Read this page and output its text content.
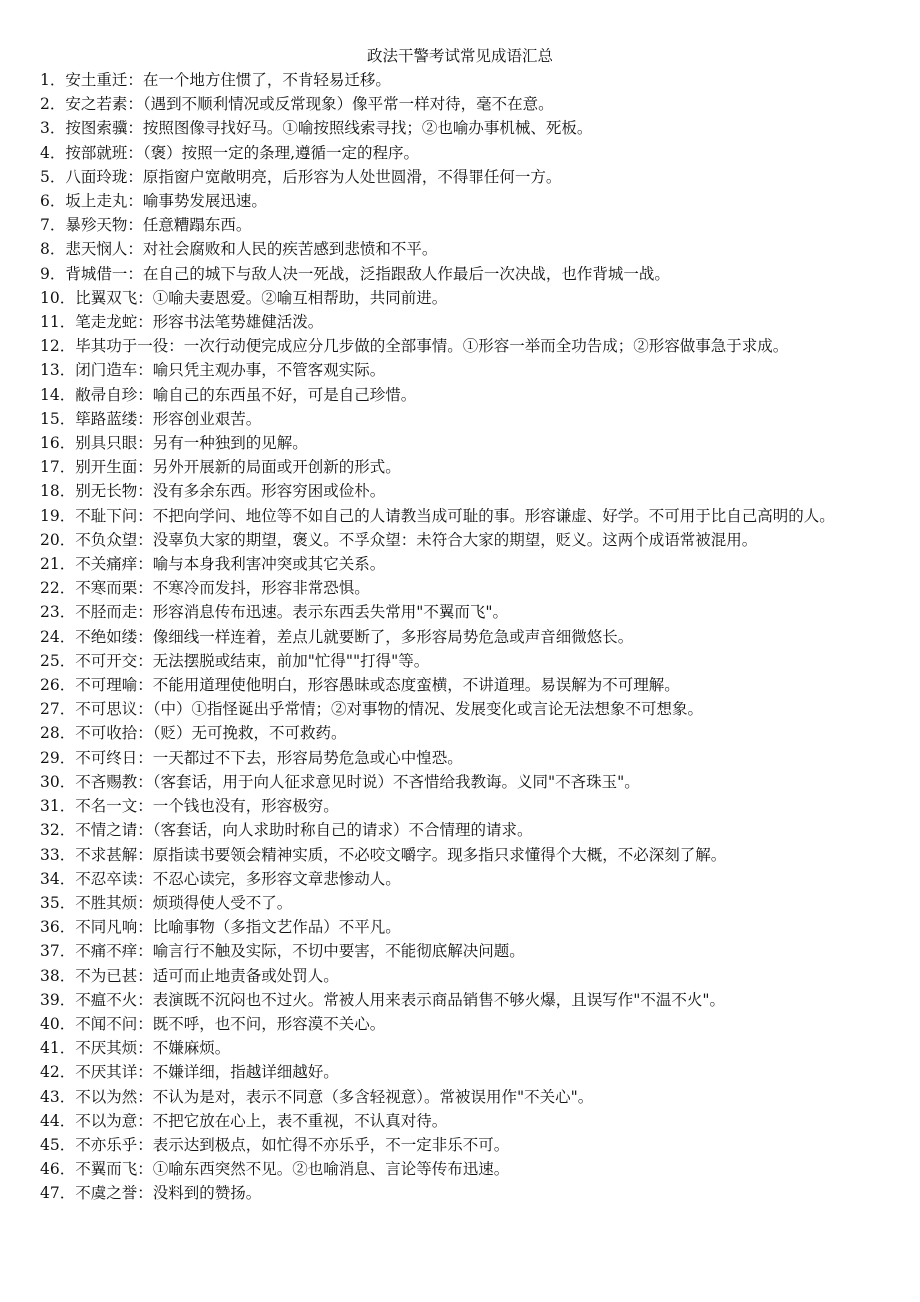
政法干警考试常见成语汇总
1．安土重迁：在一个地方住惯了，不肯轻易迁移。
2．安之若素：（遇到不顺利情况或反常现象）像平常一样对待，毫不在意。
3．按图索骥：按照图像寻找好马。①喻按照线索寻找；②也喻办事机械、死板。
4．按部就班：（褒）按照一定的条理,遵循一定的程序。
5．八面玲珑：原指窗户宽敞明亮，后形容为人处世圆滑，不得罪任何一方。
6．坂上走丸：喻事势发展迅速。
7．暴殄天物：任意糟蹋东西。
8．悲天悯人：对社会腐败和人民的疾苦感到悲愤和不平。
9．背城借一：在自己的城下与敌人决一死战，泛指跟敌人作最后一次决战，也作背城一战。
10．比翼双飞：①喻夫妻恩爱。②喻互相帮助，共同前进。
11．笔走龙蛇：形容书法笔势雄健活泼。
12．毕其功于一役：一次行动便完成应分几步做的全部事情。①形容一举而全功告成；②形容做事急于求成。
13．闭门造车：喻只凭主观办事，不管客观实际。
14．敝帚自珍：喻自己的东西虽不好，可是自己珍惜。
15．筚路蓝缕：形容创业艰苦。
16．别具只眼：另有一种独到的见解。
17．别开生面：另外开展新的局面或开创新的形式。
18．别无长物：没有多余东西。形容穷困或俭朴。
19．不耻下问：不把向学问、地位等不如自己的人请教当成可耻的事。形容谦虚、好学。不可用于比自己高明的人。
20．不负众望：没辜负大家的期望，褒义。不孚众望：未符合大家的期望，贬义。这两个成语常被混用。
21．不关痛痒：喻与本身我利害冲突或其它关系。
22．不寒而栗：不寒冷而发抖，形容非常恐惧。
23．不胫而走：形容消息传布迅速。表示东西丢失常用"不翼而飞"。
24．不绝如缕：像细线一样连着，差点儿就要断了，多形容局势危急或声音细微悠长。
25．不可开交：无法摆脱或结束，前加"忙得""打得"等。
26．不可理喻：不能用道理使他明白，形容愚昧或态度蛮横，不讲道理。易误解为不可理解。
27．不可思议：（中）①指怪诞出乎常情；②对事物的情况、发展变化或言论无法想象不可想象。
28．不可收拾：（贬）无可挽救，不可救药。
29．不可终日：一天都过不下去，形容局势危急或心中惶恐。
30．不吝赐教：（客套话，用于向人征求意见时说）不吝惜给我教诲。义同"不吝珠玉"。
31．不名一文：一个钱也没有，形容极穷。
32．不情之请：（客套话，向人求助时称自己的请求）不合情理的请求。
33．不求甚解：原指读书要领会精神实质，不必咬文嚼字。现多指只求懂得个大概，不必深刻了解。
34．不忍卒读：不忍心读完，多形容文章悲惨动人。
35．不胜其烦：烦琐得使人受不了。
36．不同凡响：比喻事物（多指文艺作品）不平凡。
37．不痛不痒：喻言行不触及实际，不切中要害，不能彻底解决问题。
38．不为已甚：适可而止地责备或处罚人。
39．不瘟不火：表演既不沉闷也不过火。常被人用来表示商品销售不够火爆，且误写作"不温不火"。
40．不闻不问：既不呼，也不问，形容漠不关心。
41．不厌其烦：不嫌麻烦。
42．不厌其详：不嫌详细，指越详细越好。
43．不以为然：不认为是对，表示不同意（多含轻视意）。常被误用作"不关心"。
44．不以为意：不把它放在心上，表不重视，不认真对待。
45．不亦乐乎：表示达到极点，如忙得不亦乐乎，不一定非乐不可。
46．不翼而飞：①喻东西突然不见。②也喻消息、言论等传布迅速。
47．不虞之誉：没料到的赞扬。
